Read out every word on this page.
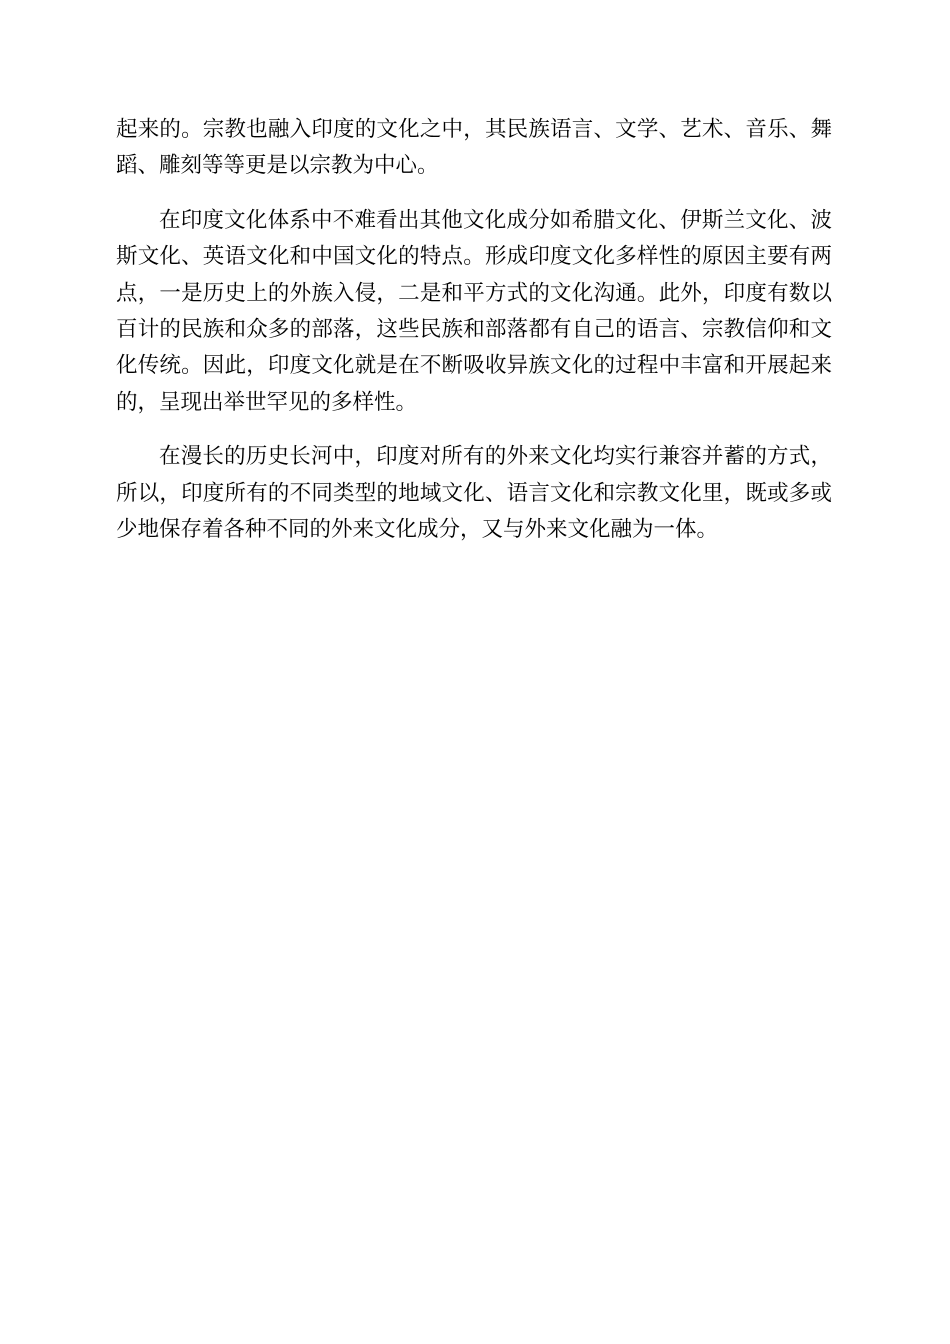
起来的。宗教也融入印度的文化之中，其民族语言、文学、艺术、音乐、舞蹈、雕刻等等更是以宗教为中心。

在印度文化体系中不难看出其他文化成分如希腊文化、伊斯兰文化、波斯文化、英语文化和中国文化的特点。形成印度文化多样性的原因主要有两点，一是历史上的外族入侵，二是和平方式的文化沟通。此外，印度有数以百计的民族和众多的部落，这些民族和部落都有自己的语言、宗教信仰和文化传统。因此，印度文化就是在不断吸收异族文化的过程中丰富和开展起来的，呈现出举世罕见的多样性。

在漫长的历史长河中，印度对所有的外来文化均实行兼容并蓄的方式，所以，印度所有的不同类型的地域文化、语言文化和宗教文化里，既或多或少地保存着各种不同的外来文化成分，又与外来文化融为一体。
